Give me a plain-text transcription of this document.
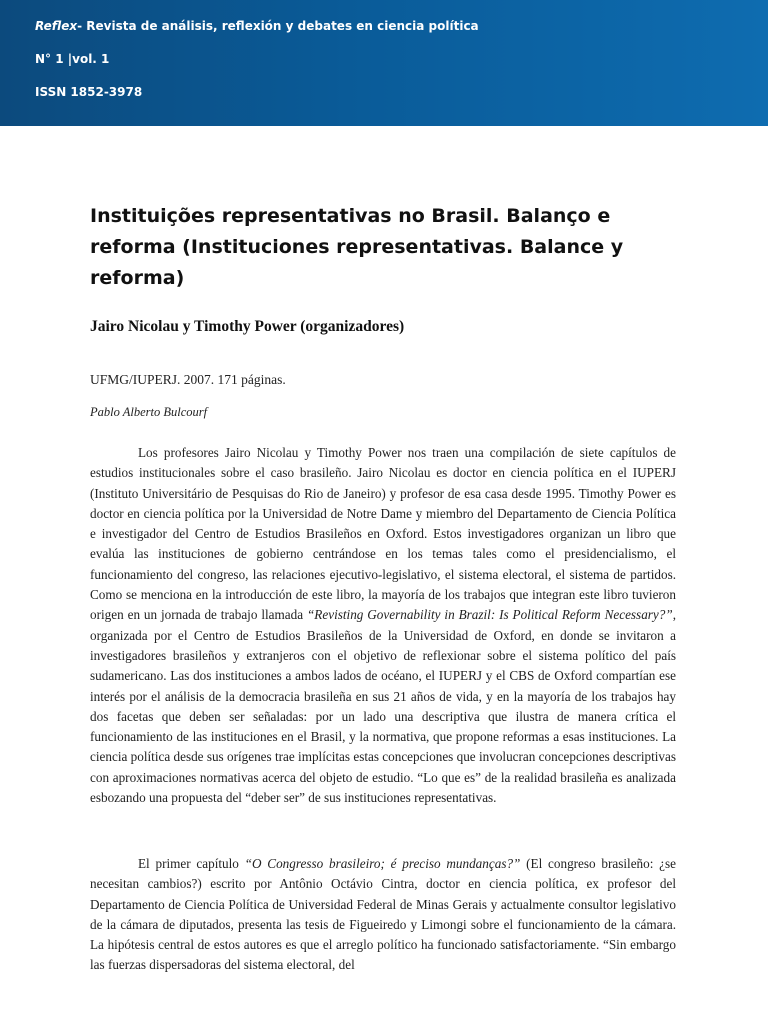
Reflex- Revista de análisis, reflexión y debates en ciencia política

N° 1 |vol. 1

ISSN 1852-3978

Instituições representativas no Brasil. Balanço e reforma (Instituciones representativas. Balance y reforma)

Jairo Nicolau y Timothy Power (organizadores)

UFMG/IUPERJ. 2007. 171 páginas.

Pablo Alberto Bulcourf

Los profesores Jairo Nicolau y Timothy Power nos traen una compilación de siete capítulos de estudios institucionales sobre el caso brasileño. Jairo Nicolau es doctor en ciencia política en el IUPERJ (Instituto Universitário de Pesquisas do Rio de Janeiro) y profesor de esa casa desde 1995. Timothy Power es doctor en ciencia política por la Universidad de Notre Dame y miembro del Departamento de Ciencia Política e investigador del Centro de Estudios Brasileños en Oxford. Estos investigadores organizan un libro que evalúa las instituciones de gobierno centrándose en los temas tales como el presidencialismo, el funcionamiento del congreso, las relaciones ejecutivo-legislativo, el sistema electoral, el sistema de partidos. Como se menciona en la introducción de este libro, la mayoría de los trabajos que integran este libro tuvieron origen en un jornada de trabajo llamada “Revisting Governability in Brazil: Is Political Reform Necessary?”, organizada por el Centro de Estudios Brasileños de la Universidad de Oxford, en donde se invitaron a investigadores brasileños y extranjeros con el objetivo de reflexionar sobre el sistema político del país sudamericano. Las dos instituciones a ambos lados de océano, el IUPERJ y el CBS de Oxford compartían ese interés por el análisis de la democracia brasileña en sus 21 años de vida, y en la mayoría de los trabajos hay dos facetas que deben ser señaladas: por un lado una descriptiva que ilustra de manera crítica el funcionamiento de las instituciones en el Brasil, y la normativa, que propone reformas a esas instituciones. La ciencia política desde sus orígenes trae implícitas estas concepciones que involucran concepciones descriptivas con aproximaciones normativas acerca del objeto de estudio. “Lo que es” de la realidad brasileña es analizada esbozando una propuesta del “deber ser” de sus instituciones representativas.

El primer capítulo “O Congresso brasileiro; é preciso mundanças?” (El congreso brasileño: ¿se necesitan cambios?) escrito por Antônio Octávio Cintra, doctor en ciencia política, ex profesor del Departamento de Ciencia Política de Universidad Federal de Minas Gerais y actualmente consultor legislativo de la cámara de diputados, presenta las tesis de Figueiredo y Limongi sobre el funcionamiento de la cámara. La hipótesis central de estos autores es que el arreglo político ha funcionado satisfactoriamente. “Sin embargo las fuerzas dispersadoras del sistema electoral, del
